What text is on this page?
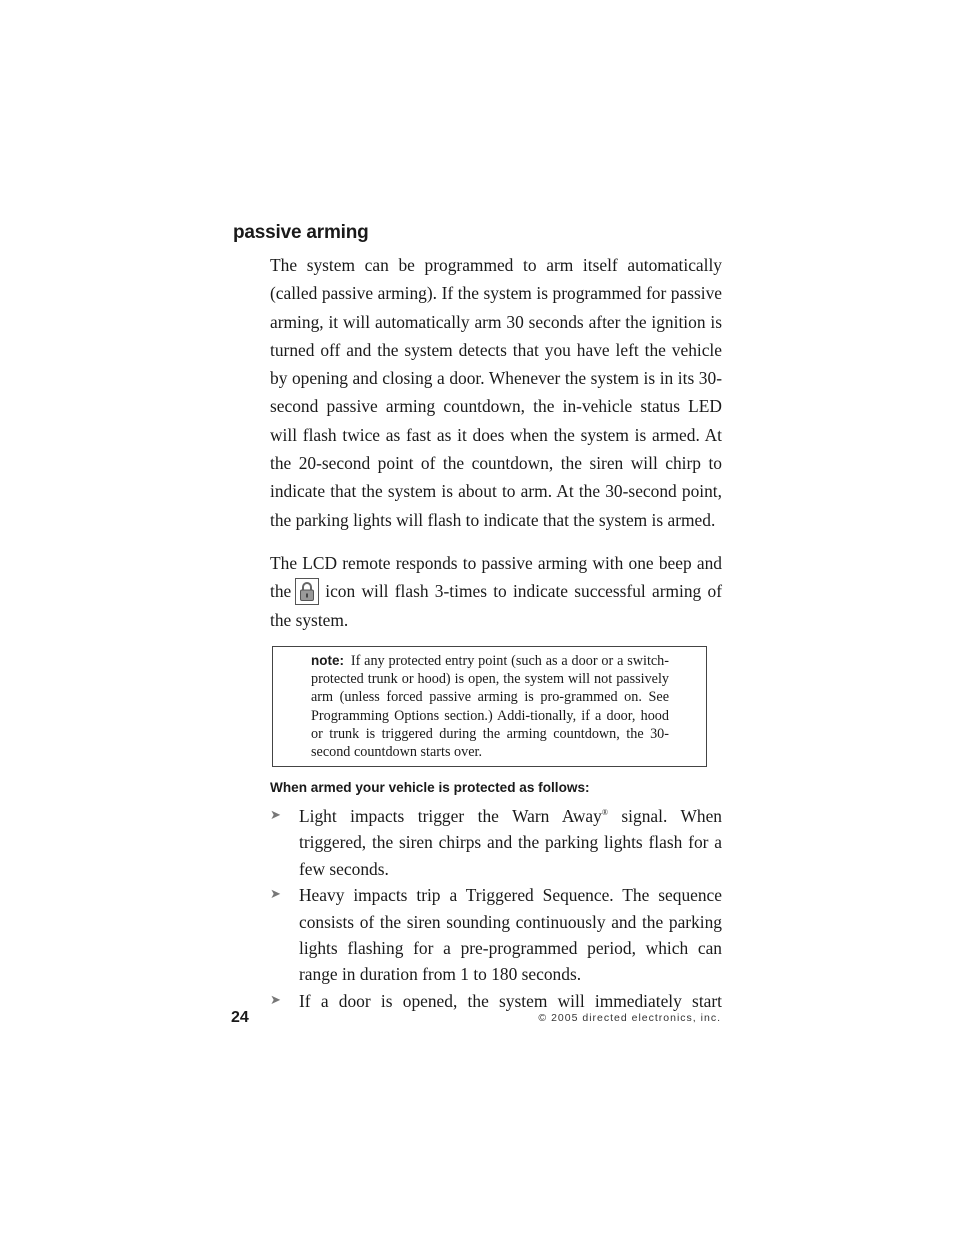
passive arming

The system can be programmed to arm itself automatically (called passive arming). If the system is programmed for passive arming, it will automatically arm 30 seconds after the ignition is turned off and the system detects that you have left the vehicle by opening and closing a door. Whenever the system is in its 30-second passive arming countdown, the in-vehicle status LED will flash twice as fast as it does when the system is armed. At the 20-second point of the countdown, the siren will chirp to indicate that the system is about to arm. At the 30-second point, the parking lights will flash to indicate that the system is armed.

The LCD remote responds to passive arming with one beep and the icon will flash 3-times to indicate successful arming of the system.

note: If any protected entry point (such as a door or a switch-protected trunk or hood) is open, the system will not passively arm (unless forced passive arming is pro-grammed on. See Programming Options section.) Addi-tionally, if a door, hood or trunk is triggered during the arming countdown, the 30-second countdown starts over.

When armed your vehicle is protected as follows:
➤ Light impacts trigger the Warn Away® signal. When triggered, the siren chirps and the parking lights flash for a few seconds.
➤ Heavy impacts trip a Triggered Sequence. The sequence consists of the siren sounding continuously and the parking lights flashing for a pre-programmed period, which can range in duration from 1 to 180 seconds.
➤ If a door is opened, the system will immediately start

24	© 2005 directed electronics, inc.
